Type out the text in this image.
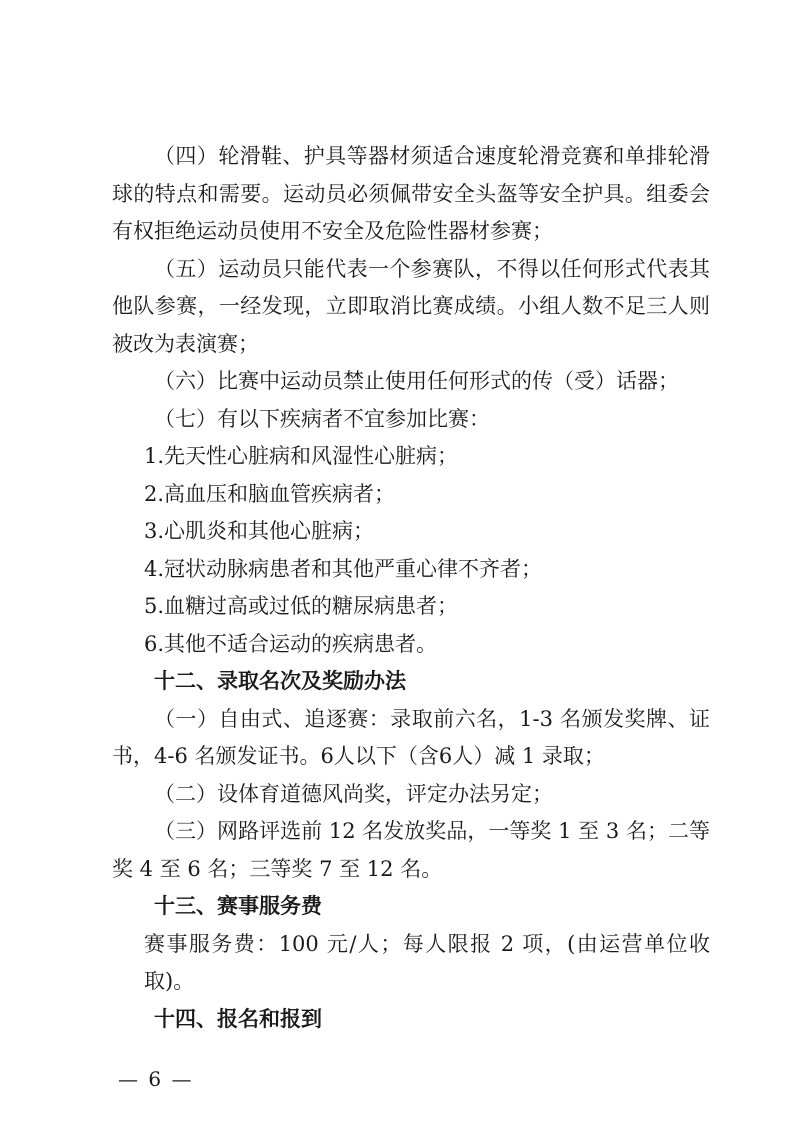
（四）轮滑鞋、护具等器材须适合速度轮滑竞赛和单排轮滑球的特点和需要。运动员必须佩带安全头盔等安全护具。组委会有权拒绝运动员使用不安全及危险性器材参赛；

（五）运动员只能代表一个参赛队，不得以任何形式代表其他队参赛，一经发现，立即取消比赛成绩。小组人数不足三人则被改为表演赛；

（六）比赛中运动员禁止使用任何形式的传（受）话器；

（七）有以下疾病者不宜参加比赛：

1.先天性心脏病和风湿性心脏病；

2.高血压和脑血管疾病者；

3.心肌炎和其他心脏病；

4.冠状动脉病患者和其他严重心律不齐者；

5.血糖过高或过低的糖尿病患者；

6.其他不适合运动的疾病患者。

十二、录取名次及奖励办法

（一）自由式、追逐赛：录取前六名，1-3 名颁发奖牌、证书，4-6 名颁发证书。6人以下（含6人）减 1 录取；

（二）设体育道德风尚奖，评定办法另定；

（三）网路评选前 12 名发放奖品，一等奖 1 至 3 名；二等奖 4 至 6 名；三等奖 7 至 12 名。

十三、赛事服务费

赛事服务费：100 元/人；每人限报 2 项，(由运营单位收取)。

十四、报名和报到

— 6 —
